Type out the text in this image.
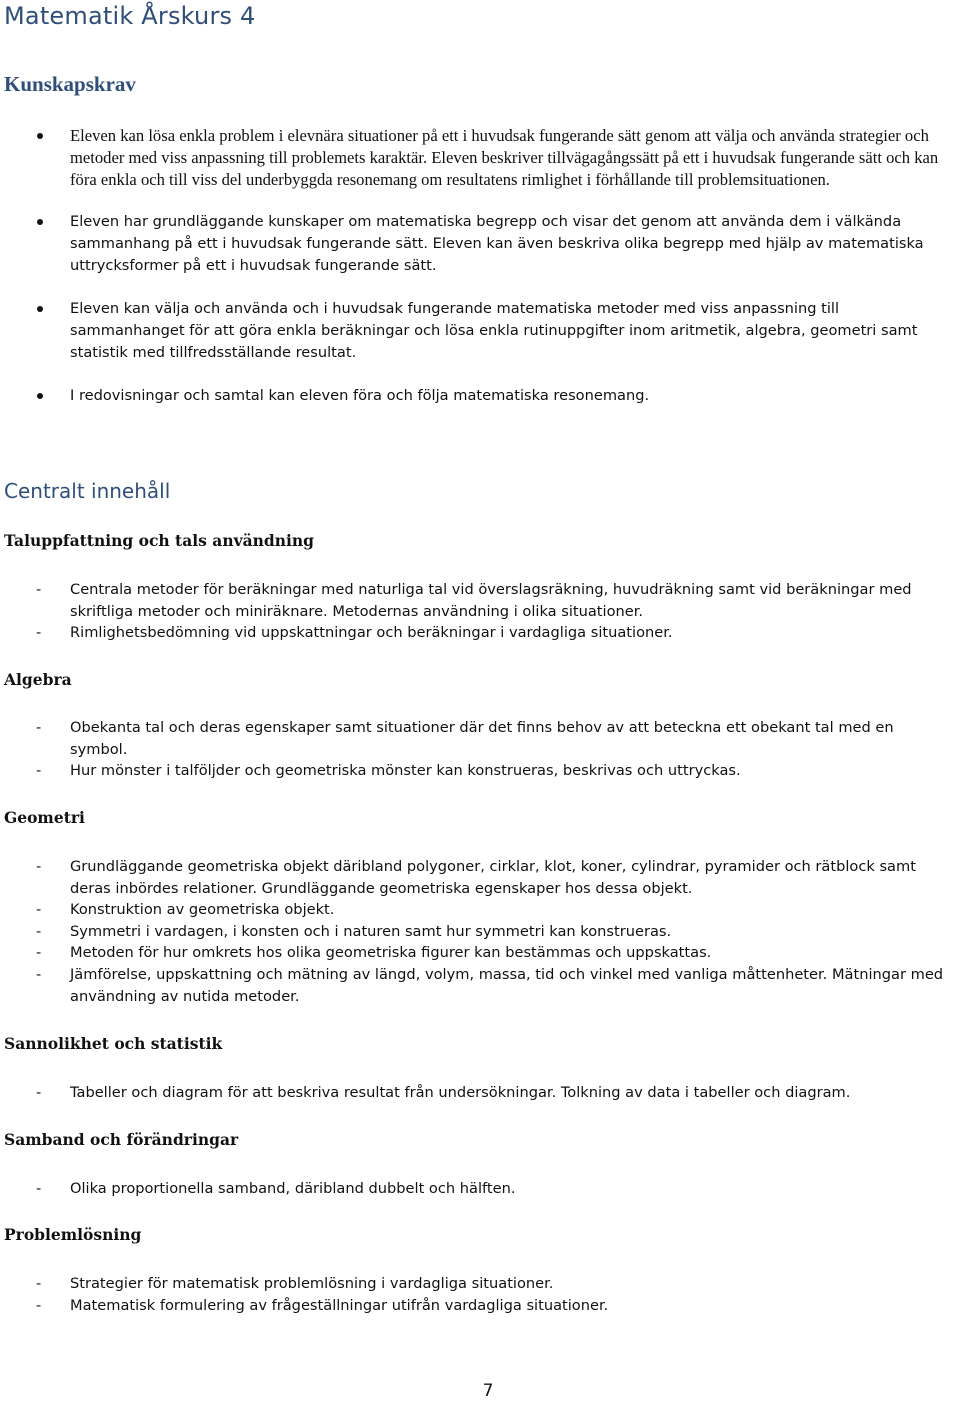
Matematik Årskurs 4
Kunskapskrav
Eleven kan lösa enkla problem i elevnära situationer på ett i huvudsak fungerande sätt genom att välja och använda strategier och metoder med viss anpassning till problemets karaktär. Eleven beskriver tillvägagångssätt på ett i huvudsak fungerande sätt och kan föra enkla och till viss del underbyggda resonemang om resultatens rimlighet i förhållande till problemsituationen.
Eleven har grundläggande kunskaper om matematiska begrepp och visar det genom att använda dem i välkända sammanhang på ett i huvudsak fungerande sätt. Eleven kan även beskriva olika begrepp med hjälp av matematiska uttrycksformer på ett i huvudsak fungerande sätt.
Eleven kan välja och använda och i huvudsak fungerande matematiska metoder med viss anpassning till sammanhanget för att göra enkla beräkningar och lösa enkla rutinuppgifter inom aritmetik, algebra, geometri samt statistik med tillfredsställande resultat.
I redovisningar och samtal kan eleven föra och följa matematiska resonemang.
Centralt innehåll
Taluppfattning och tals användning
- Centrala metoder för beräkningar med naturliga tal vid överslagsräkning, huvudräkning samt vid beräkningar med skriftliga metoder och miniräknare. Metodernas användning i olika situationer.
- Rimlighetsbedömning vid uppskattningar och beräkningar i vardagliga situationer.
Algebra
- Obekanta tal och deras egenskaper samt situationer där det finns behov av att beteckna ett obekant tal med en symbol.
- Hur mönster i talföljder och geometriska mönster kan konstrueras, beskrivas och uttryckas.
Geometri
- Grundläggande geometriska objekt däribland polygoner, cirklar, klot, koner, cylindrar, pyramider och rätblock samt deras inbördes relationer. Grundläggande geometriska egenskaper hos dessa objekt.
- Konstruktion av geometriska objekt.
- Symmetri i vardagen, i konsten och i naturen samt hur symmetri kan konstrueras.
- Metoden för hur omkrets hos olika geometriska figurer kan bestämmas och uppskattas.
- Jämförelse, uppskattning och mätning av längd, volym, massa, tid och vinkel med vanliga måttenheter. Mätningar med användning av nutida metoder.
Sannolikhet och statistik
- Tabeller och diagram för att beskriva resultat från undersökningar. Tolkning av data i tabeller och diagram.
Samband och förändringar
- Olika proportionella samband, däribland dubbelt och hälften.
Problemlösning
- Strategier för matematisk problemlösning i vardagliga situationer.
- Matematisk formulering av frågeställningar utifrån vardagliga situationer.
7
